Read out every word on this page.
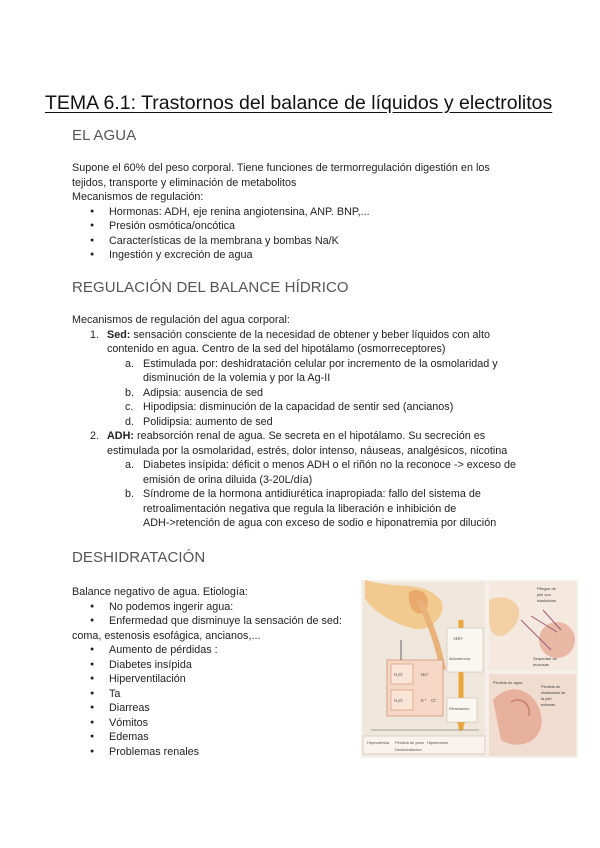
TEMA 6.1: Trastornos del balance de líquidos y electrolitos
EL AGUA

Supone el 60% del peso corporal. Tiene funciones de termorregulación digestión en los

tejidos, transporte y eliminación de metabolitos

Mecanismos de regulación:

● Hormonas: ADH, eje renina angiotensina, ANP. BNP,...
● Presión osmótica/oncótica
● Características de la membrana y bombas Na/K
● Ingestión y excreción de agua
REGULACIÓN DEL BALANCE HÍDRICO

Mecanismos de regulación del agua corporal:

1. Sed: sensación consciente de la necesidad de obtener y beber líquidos con alto
contenido en agua. Centro de la sed del hipotálamo (osmorreceptores)
a. Estimulada por: deshidratación celular por incremento de la osmolaridad y
disminución de la volemia y por la Ag-II
b. Adipsia: ausencia de sed
c. Hipodipsia: disminución de la capacidad de sentir sed (ancianos)
d. Polidipsia: aumento de sed
2. ADH: reabsorción renal de agua. Se secreta en el hipotálamo. Su secreción es
estimulada por la osmolaridad, estrés, dolor intenso, náuseas, analgésicos, nicotina
a. Diabetes insípida: déficit o menos ADH o el riñón no la reconoce -> exceso de
emisión de orina diluida (3-20L/día)
b. Síndrome de la hormona antidiurética inapropiada: fallo del sistema de
retroalimentación negativa que regula la liberación e inhibición de
ADH->retención de agua con exceso de sodio e hiponatremia por dilución
DESHIDRATACIÓN

Balance negativo de agua. Etiología:

● No podemos ingerir agua:
● Enfermedad que disminuye la sensación de sed:
coma, estenosis esofágica, ancianos,...
● Aumento de pérdidas :
● Diabetes insípida
● Hiperventilación
● Ta
● Diarreas
● Vómitos
● Edemas
● Problemas renales
ADH
Aldosterona
Eliminación
H₂O
H₂O
Na⁺
K⁺ Cl⁻
Hipovolemia Pérdida de peso Hipotensión
Deshidratación
Pliegue de
piel con
elasticidad
Sequedad de
mucosas
Pérdida de
elasticidad de
la piel
edemas
Pérdida de agua
